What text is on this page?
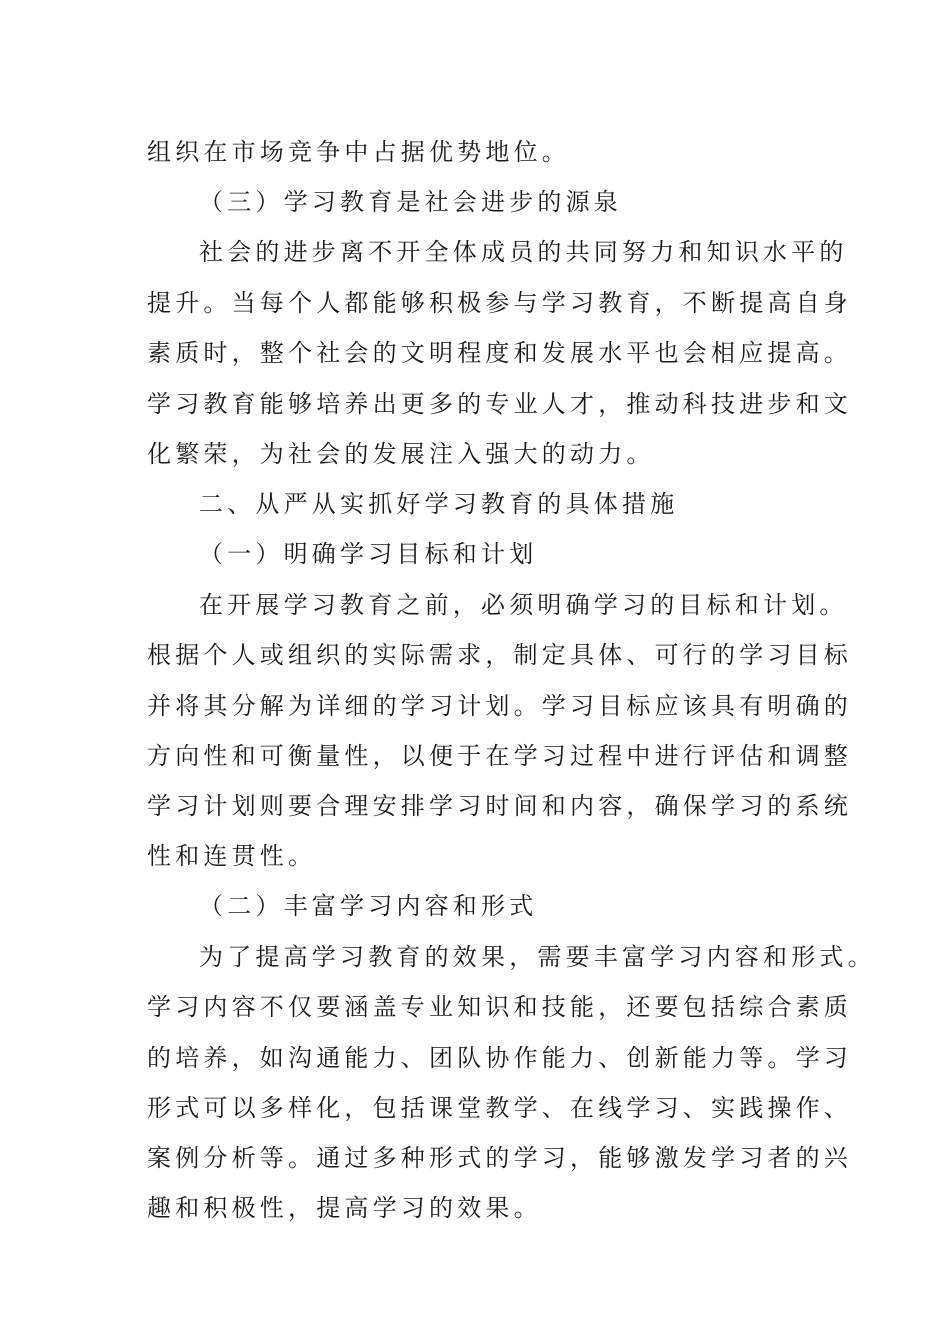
组织在市场竞争中占据优势地位。
（三）学习教育是社会进步的源泉
社会的进步离不开全体成员的共同努力和知识水平的
提升。当每个人都能够积极参与学习教育，不断提高自身
素质时，整个社会的文明程度和发展水平也会相应提高。
学习教育能够培养出更多的专业人才，推动科技进步和文
化繁荣，为社会的发展注入强大的动力。
二、从严从实抓好学习教育的具体措施
（一）明确学习目标和计划
在开展学习教育之前，必须明确学习的目标和计划。
根据个人或组织的实际需求，制定具体、可行的学习目标
并将其分解为详细的学习计划。学习目标应该具有明确的
方向性和可衡量性，以便于在学习过程中进行评估和调整
学习计划则要合理安排学习时间和内容，确保学习的系统
性和连贯性。
（二）丰富学习内容和形式
为了提高学习教育的效果，需要丰富学习内容和形式。
学习内容不仅要涵盖专业知识和技能，还要包括综合素质
的培养，如沟通能力、团队协作能力、创新能力等。学习
形式可以多样化，包括课堂教学、在线学习、实践操作、
案例分析等。通过多种形式的学习，能够激发学习者的兴
趣和积极性，提高学习的效果。
